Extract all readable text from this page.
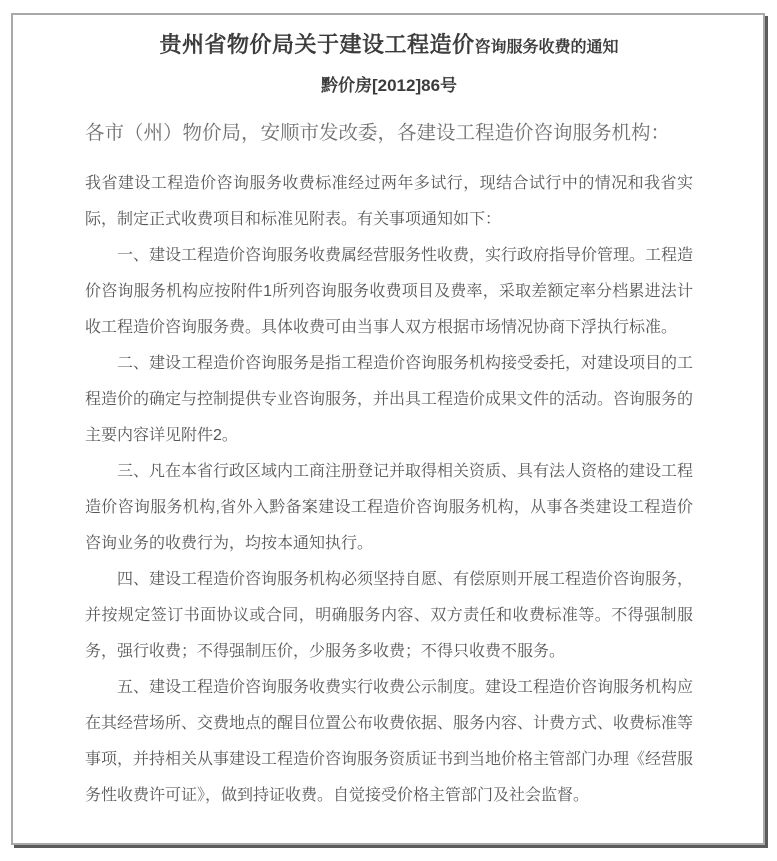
贵州省物价局关于建设工程造价咨询服务收费的通知
黔价房[2012]86号
各市（州）物价局，安顺市发改委，各建设工程造价咨询服务机构：

我省建设工程造价咨询服务收费标准经过两年多试行，现结合试行中的情况和我省实际，制定正式收费项目和标准见附表。有关事项通知如下：

一、建设工程造价咨询服务收费属经营服务性收费，实行政府指导价管理。工程造价咨询服务机构应按附件1所列咨询服务收费项目及费率，采取差额定率分档累进法计收工程造价咨询服务费。具体收费可由当事人双方根据市场情况协商下浮执行标准。

二、建设工程造价咨询服务是指工程造价咨询服务机构接受委托，对建设项目的工程造价的确定与控制提供专业咨询服务，并出具工程造价成果文件的活动。咨询服务的主要内容详见附件2。

三、凡在本省行政区域内工商注册登记并取得相关资质、具有法人资格的建设工程造价咨询服务机构,省外入黔备案建设工程造价咨询服务机构，从事各类建设工程造价咨询业务的收费行为，均按本通知执行。

四、建设工程造价咨询服务机构必须坚持自愿、有偿原则开展工程造价咨询服务，并按规定签订书面协议或合同，明确服务内容、双方责任和收费标准等。不得强制服务，强行收费；不得强制压价，少服务多收费；不得只收费不服务。

五、建设工程造价咨询服务收费实行收费公示制度。建设工程造价咨询服务机构应在其经营场所、交费地点的醒目位置公布收费依据、服务内容、计费方式、收费标准等事项，并持相关从事建设工程造价咨询服务资质证书到当地价格主管部门办理《经营服务性收费许可证》，做到持证收费。自觉接受价格主管部门及社会监督。
